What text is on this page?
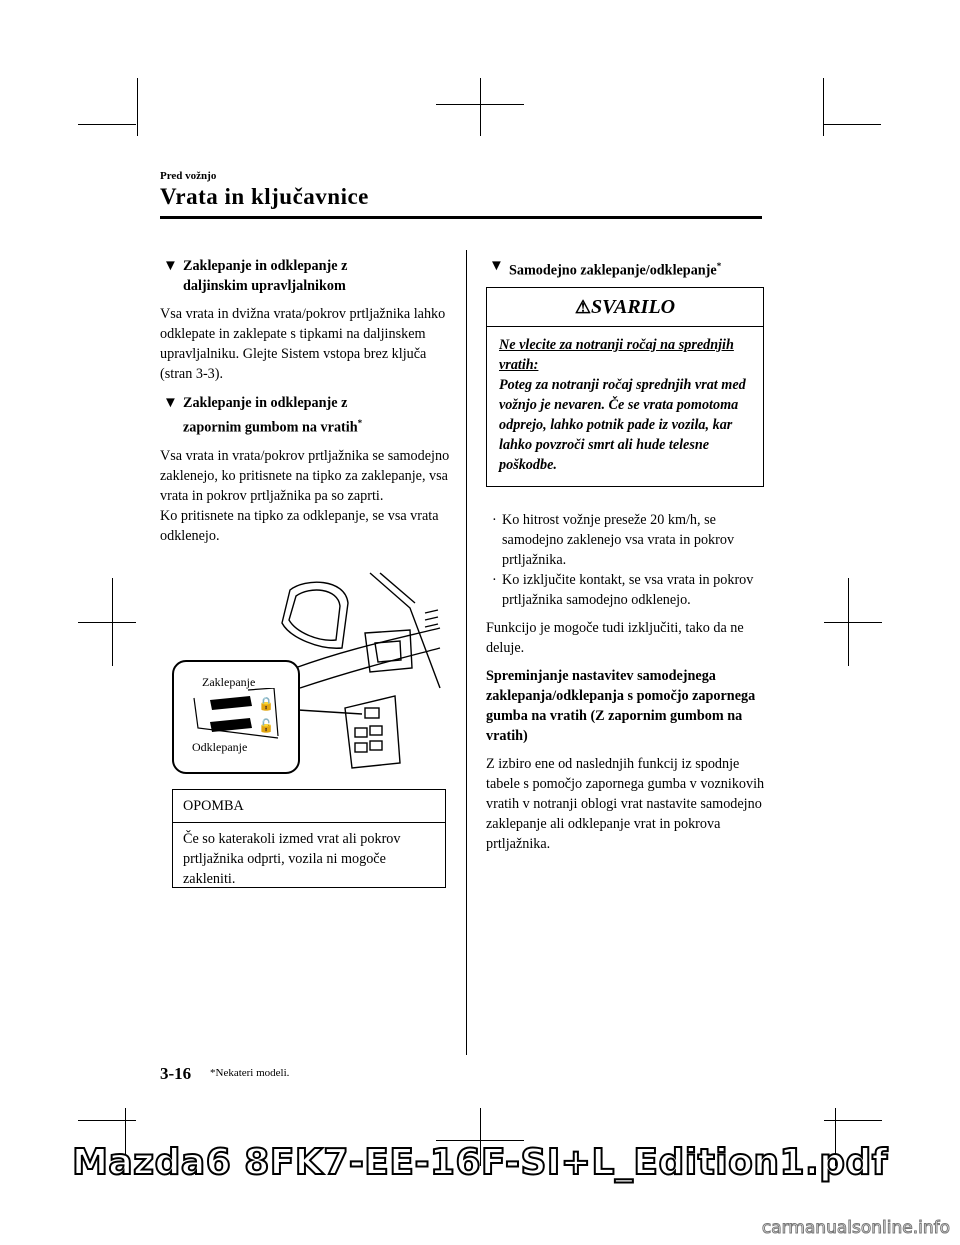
Pred vožnjo
Vrata in ključavnice
▼ Zaklepanje in odklepanje z
daljinskim upravljalnikom

Vsa vrata in dvižna vrata/pokrov prtljažnika lahko odklepate in zaklepate s tipkami na daljinskem upravljalniku. Glejte Sistem vstopa brez ključa (stran 3-3).

▼ Zaklepanje in odklepanje z
zapornim gumbom na vratih*

Vsa vrata in vrata/pokrov prtljažnika se samodejno zaklenejo, ko pritisnete na tipko za zaklepanje, vsa vrata in pokrov prtljažnika pa so zaprti.

Ko pritisnete na tipko za odklepanje, se vsa vrata odklenejo.

🔒
🔓
Zaklepanje
Odklepanje
OPOMBA
Če so katerakoli izmed vrat ali pokrov prtljažnika odprti, vozila ni mogoče zakleniti.
▼ Samodejno zaklepanje/odklepanje*
⚠SVARILO
Ne vlecite za notranji ročaj na sprednjih vratih:
Poteg za notranji ročaj sprednjih vrat med vožnjo je nevaren. Če se vrata pomotoma odprejo, lahko potnik pade iz vozila, kar lahko povzroči smrt ali hude telesne poškodbe.
· Ko hitrost vožnje preseže 20 km/h, se samodejno zaklenejo vsa vrata in pokrov prtljažnika.
· Ko izključite kontakt, se vsa vrata in pokrov prtljažnika samodejno odklenejo.

Funkcijo je mogoče tudi izključiti, tako da ne deluje.

Spreminjanje nastavitev samodejnega zaklepanja/odklepanja s pomočjo zapornega gumba na vratih (Z zapornim gumbom na vratih)

Z izbiro ene od naslednjih funkcij iz spodnje tabele s pomočjo zapornega gumba v voznikovih vratih v notranji oblogi vrat nastavite samodejno zaklepanje ali odklepanje vrat in pokrova prtljažnika.

3-16 *Nekateri modeli.
Mazda6 8FK7-EE-16F-SI+L_Edition1.pdf
carmanualsonline.info
